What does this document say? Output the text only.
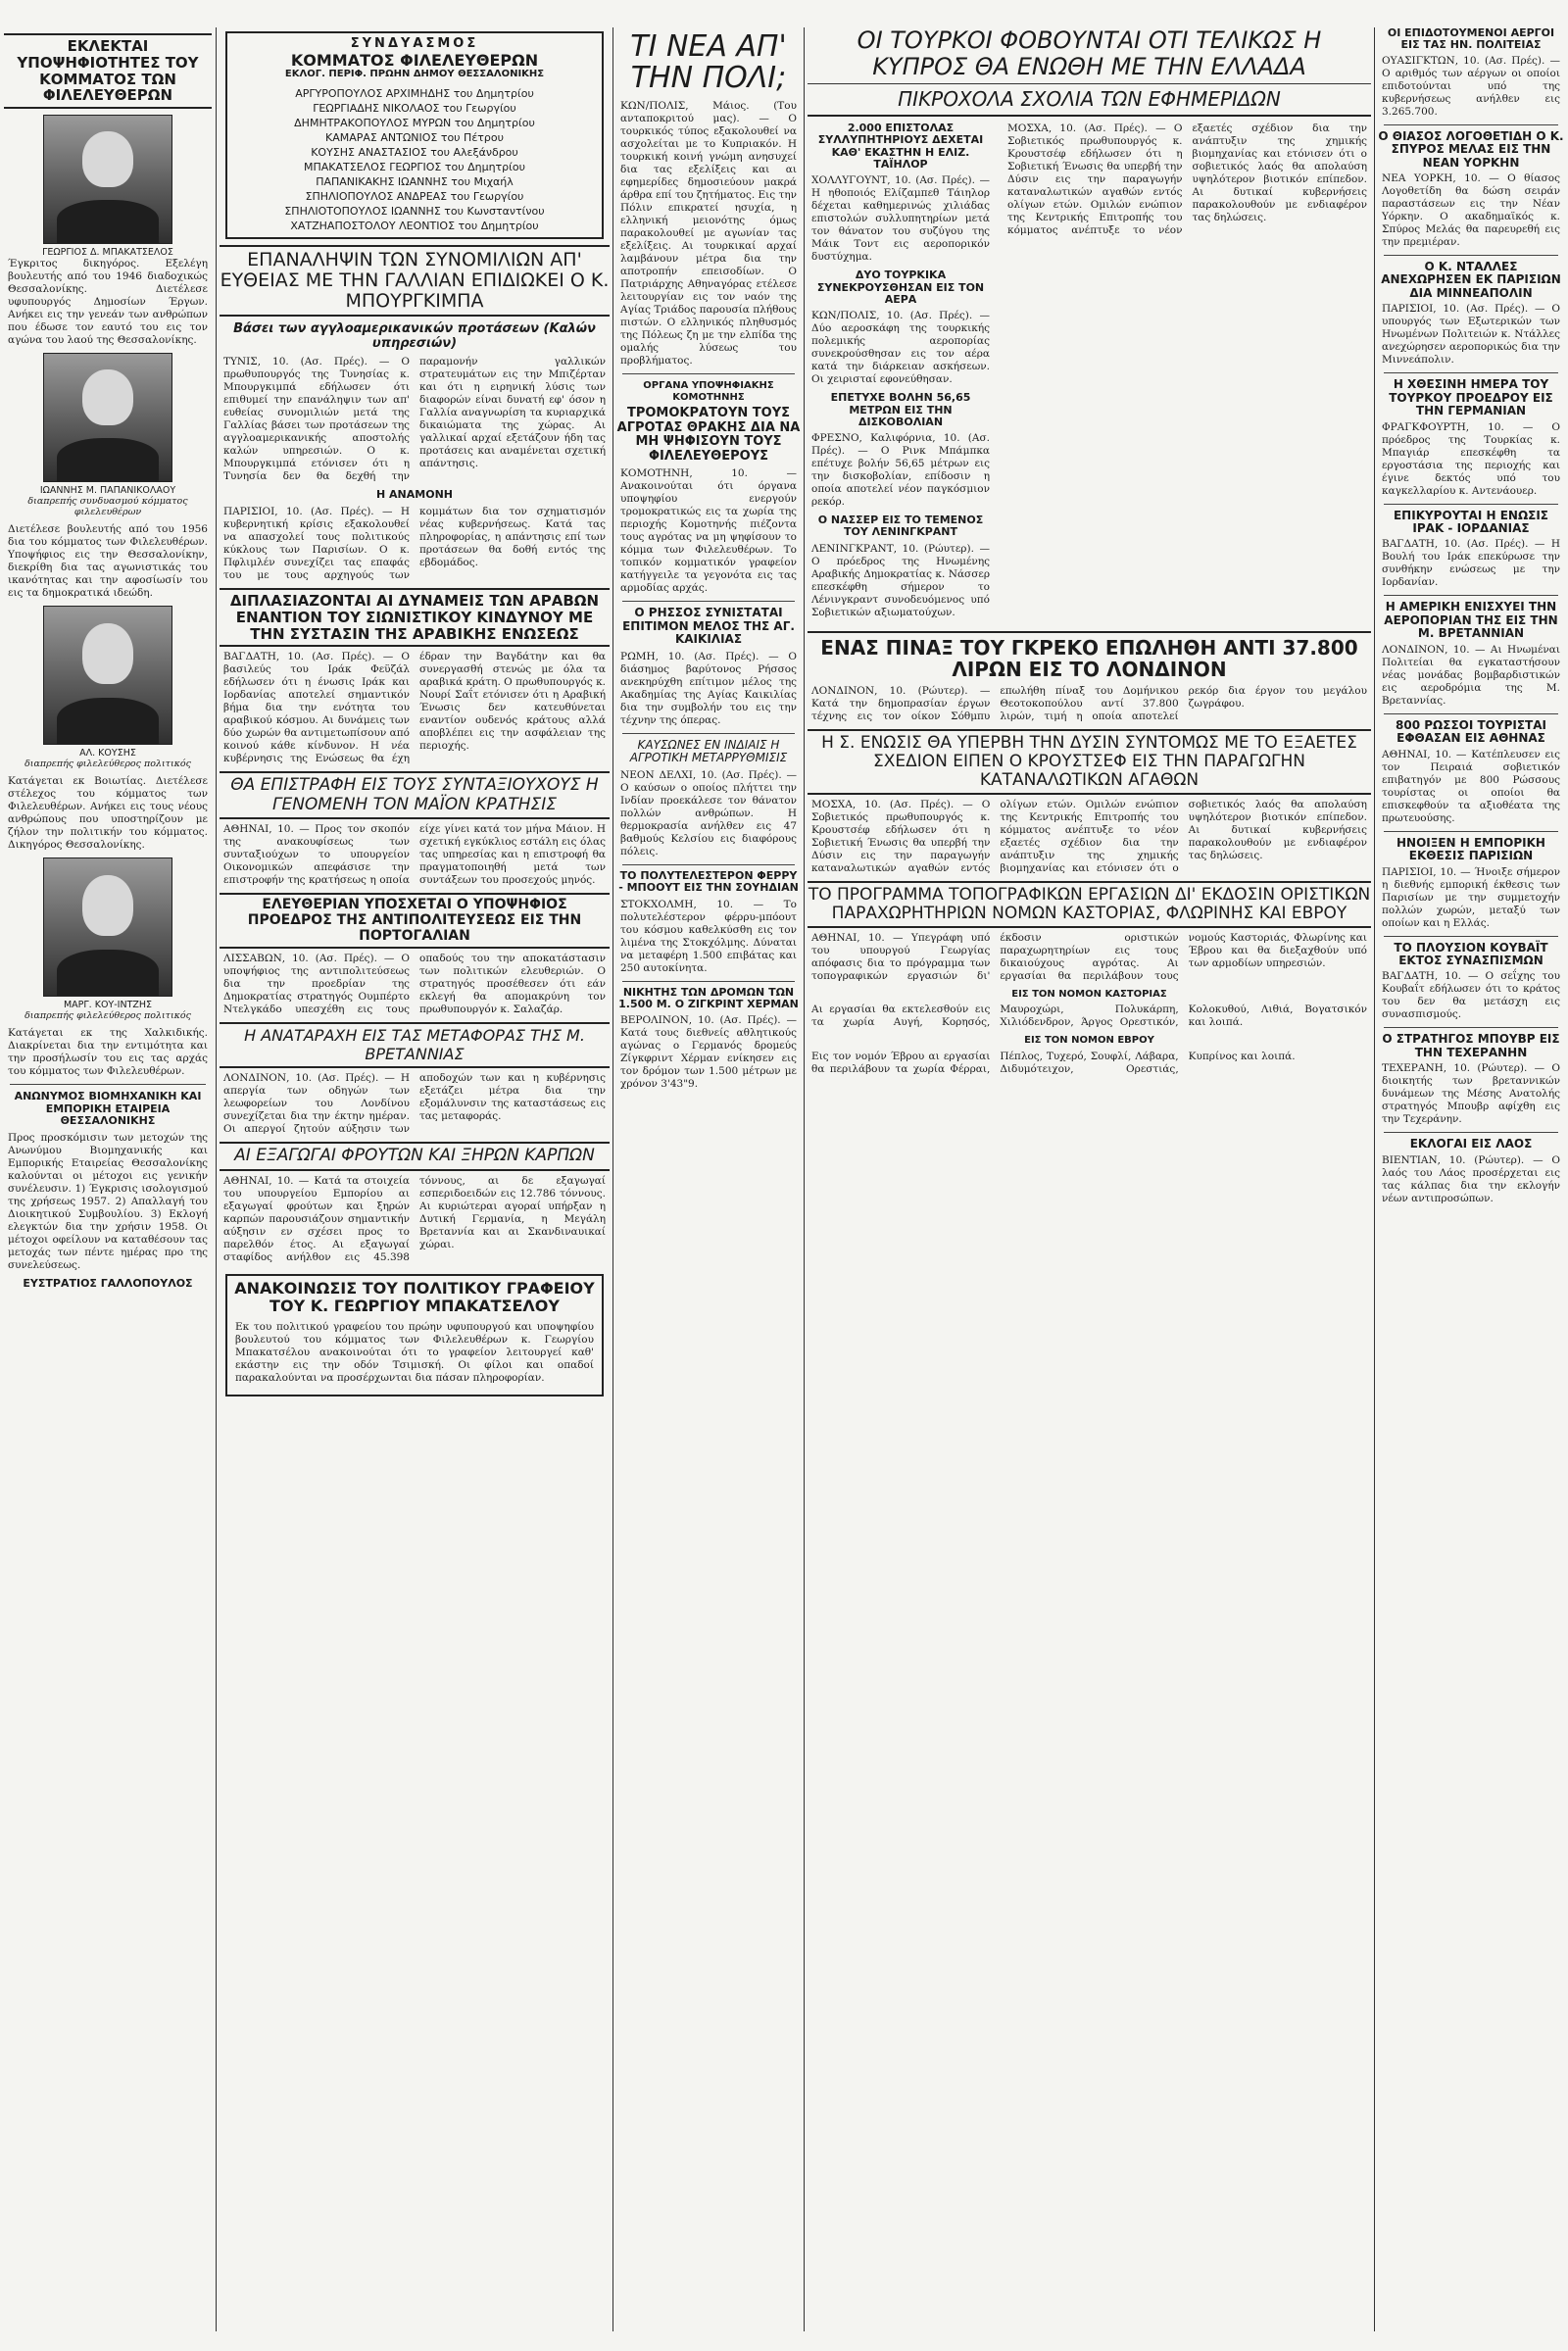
ΕΚΛΕΚΤΑΙ ΥΠΟΨΗΦΙΟΤΗΤΕΣ ΤΟΥ ΚΟΜΜΑΤΟΣ ΤΩΝ ΦΙΛΕΛΕΥΘΕΡΩΝ
ΓΕΩΡΓΙΟΣ Δ. ΜΠΑΚΑΤΣΕΛΟΣ
Έγκριτος δικηγόρος. Εξελέγη βουλευτής από του 1946 διαδοχικώς Θεσσαλονίκης. Διετέλεσε υφυπουργός Δημοσίων Έργων. Ανήκει εις την γενεάν των ανθρώπων που έδωσε τον εαυτό του εις τον αγώνα του λαού της Θεσσαλονίκης.
ΙΩΑΝΝΗΣ Μ. ΠΑΠΑΝΙΚΟΛΑΟΥ
διαπρεπής συνδυασμού κόμματος φιλελευθέρων
Διετέλεσε βουλευτής από του 1956 δια του κόμματος των Φιλελευθέρων. Υποψήφιος εις την Θεσσαλονίκην, διεκρίθη δια τας αγωνιστικάς του ικανότητας και την αφοσίωσίν του εις τα δημοκρατικά ιδεώδη.
ΑΛ. ΚΟΥΣΗΣ
διαπρεπής φιλελεύθερος πολιτικός
Κατάγεται εκ Βοιωτίας. Διετέλεσε στέλεχος του κόμματος των Φιλελευθέρων. Ανήκει εις τους νέους ανθρώπους που υποστηρίζουν με ζήλον την πολιτικήν του κόμματος. Δικηγόρος Θεσσαλονίκης.
ΜΑΡΓ. ΚΟΥ-ΙΝΤΖΗΣ
διαπρεπής φιλελεύθερος πολιτικός
Κατάγεται εκ της Χαλκιδικής. Διακρίνεται δια την εντιμότητα και την προσήλωσίν του εις τας αρχάς του κόμματος των Φιλελευθέρων.
ΑΝΩΝΥΜΟΣ ΒΙΟΜΗΧΑΝΙΚΗ ΚΑΙ ΕΜΠΟΡΙΚΗ ΕΤΑΙΡΕΙΑ ΘΕΣΣΑΛΟΝΙΚΗΣ
Προς προσκόμισιν των μετοχών της Ανωνύμου Βιομηχανικής και Εμπορικής Εταιρείας Θεσσαλονίκης καλούνται οι μέτοχοι εις γενικήν συνέλευσιν. 1) Έγκρισις ισολογισμού της χρήσεως 1957. 2) Απαλλαγή του Διοικητικού Συμβουλίου. 3) Εκλογή ελεγκτών δια την χρήσιν 1958. Οι μέτοχοι οφείλουν να καταθέσουν τας μετοχάς των πέντε ημέρας προ της συνελεύσεως.
ΕΥΣΤΡΑΤΙΟΣ ΓΑΛΛΟΠΟΥΛΟΣ
ΣΥΝΔΥΑΣΜΟΣ
ΚΟΜΜΑΤΟΣ ΦΙΛΕΛΕΥΘΕΡΩΝ
ΕΚΛΟΓ. ΠΕΡΙΦ. ΠΡΩΗΝ ΔΗΜΟΥ ΘΕΣΣΑΛΟΝΙΚΗΣ
ΑΡΓΥΡΟΠΟΥΛΟΣ ΑΡΧΙΜΗΔΗΣ του Δημητρίου
ΓΕΩΡΓΙΑΔΗΣ ΝΙΚΟΛΑΟΣ του Γεωργίου
ΔΗΜΗΤΡΑΚΟΠΟΥΛΟΣ ΜΥΡΩΝ του Δημητρίου
ΚΑΜΑΡΑΣ ΑΝΤΩΝΙΟΣ του Πέτρου
ΚΟΥΣΗΣ ΑΝΑΣΤΑΣΙΟΣ του Αλεξάνδρου
ΜΠΑΚΑΤΣΕΛΟΣ ΓΕΩΡΓΙΟΣ του Δημητρίου
ΠΑΠΑΝΙΚΑΚΗΣ ΙΩΑΝΝΗΣ του Μιχαήλ
ΣΠΗΛΙΟΠΟΥΛΟΣ ΑΝΔΡΕΑΣ του Γεωργίου
ΣΠΗΛΙΟΤΟΠΟΥΛΟΣ ΙΩΑΝΝΗΣ του Κωνσταντίνου
ΧΑΤΖΗΑΠΟΣΤΟΛΟΥ ΛΕΟΝΤΙΟΣ του Δημητρίου
ΕΠΑΝΑΛΗΨΙΝ ΤΩΝ ΣΥΝΟΜΙΛΙΩΝ ΑΠ' ΕΥΘΕΙΑΣ ΜΕ ΤΗΝ ΓΑΛΛΙΑΝ ΕΠΙΔΙΩΚΕΙ Ο Κ. ΜΠΟΥΡΓΚΙΜΠΑ
Βάσει των αγγλοαμερικανικών προτάσεων (Καλών υπηρεσιών)
ΤΥΝΙΣ, 10. (Ασ. Πρές). — Ο πρωθυπουργός της Τυνησίας κ. Μπουργκιμπά εδήλωσεν ότι επιθυμεί την επανάληψιν των απ' ευθείας συνομιλιών μετά της Γαλλίας βάσει των προτάσεων της αγγλοαμερικανικής αποστολής καλών υπηρεσιών. Ο κ. Μπουργκιμπά ετόνισεν ότι η Τυνησία δεν θα δεχθή την παραμονήν γαλλικών στρατευμάτων εις την Μπιζέρταν και ότι η ειρηνική λύσις των διαφορών είναι δυνατή εφ' όσον η Γαλλία αναγνωρίση τα κυριαρχικά δικαιώματα της χώρας. Αι γαλλικαί αρχαί εξετάζουν ήδη τας προτάσεις και αναμένεται σχετική απάντησις.
Η ΑΝΑΜΟΝΗ
ΠΑΡΙΣΙΟΙ, 10. (Ασ. Πρές). — Η κυβερνητική κρίσις εξακολουθεί να απασχολεί τους πολιτικούς κύκλους των Παρισίων. Ο κ. Πφλιμλέν συνεχίζει τας επαφάς του με τους αρχηγούς των κομμάτων δια τον σχηματισμόν νέας κυβερνήσεως. Κατά τας πληροφορίας, η απάντησις επί των προτάσεων θα δοθή εντός της εβδομάδος.
ΔΙΠΛΑΣΙΑΖΟΝΤΑΙ ΑΙ ΔΥΝΑΜΕΙΣ ΤΩΝ ΑΡΑΒΩΝ ΕΝΑΝΤΙΟΝ ΤΟΥ ΣΙΩΝΙΣΤΙΚΟΥ ΚΙΝΔΥΝΟΥ ΜΕ ΤΗΝ ΣΥΣΤΑΣΙΝ ΤΗΣ ΑΡΑΒΙΚΗΣ ΕΝΩΣΕΩΣ
ΒΑΓΔΑΤΗ, 10. (Ασ. Πρές). — Ο βασιλεύς του Ιράκ Φεϋζάλ εδήλωσεν ότι η ένωσις Ιράκ και Ιορδανίας αποτελεί σημαντικόν βήμα δια την ενότητα του αραβικού κόσμου. Αι δυνάμεις των δύο χωρών θα αντιμετωπίσουν από κοινού κάθε κίνδυνον. Η νέα κυβέρνησις της Ενώσεως θα έχη έδραν την Βαγδάτην και θα συνεργασθή στενώς με όλα τα αραβικά κράτη. Ο πρωθυπουργός κ. Νουρί Σαΐτ ετόνισεν ότι η Αραβική Ένωσις δεν κατευθύνεται εναντίον ουδενός κράτους αλλά αποβλέπει εις την ασφάλειαν της περιοχής.
ΘΑ ΕΠΙΣΤΡΑΦΗ ΕΙΣ ΤΟΥΣ ΣΥΝΤΑΞΙΟΥΧΟΥΣ Η ΓΕΝΟΜΕΝΗ ΤΟΝ ΜΑΪΟΝ ΚΡΑΤΗΣΙΣ
ΑΘΗΝΑΙ, 10. — Προς τον σκοπόν της ανακουφίσεως των συνταξιούχων το υπουργείον Οικονομικών απεφάσισε την επιστροφήν της κρατήσεως η οποία είχε γίνει κατά τον μήνα Μάιον. Η σχετική εγκύκλιος εστάλη εις όλας τας υπηρεσίας και η επιστροφή θα πραγματοποιηθή μετά των συντάξεων του προσεχούς μηνός.
ΕΛΕΥΘΕΡΙΑΝ ΥΠΟΣΧΕΤΑΙ Ο ΥΠΟΨΗΦΙΟΣ ΠΡΟΕΔΡΟΣ ΤΗΣ ΑΝΤΙΠΟΛΙΤΕΥΣΕΩΣ ΕΙΣ ΤΗΝ ΠΟΡΤΟΓΑΛΙΑΝ
ΛΙΣΣΑΒΩΝ, 10. (Ασ. Πρές). — Ο υποψήφιος της αντιπολιτεύσεως δια την προεδρίαν της Δημοκρατίας στρατηγός Ουμπέρτο Ντελγκάδο υπεσχέθη εις τους οπαδούς του την αποκατάστασιν των πολιτικών ελευθεριών. Ο στρατηγός προσέθεσεν ότι εάν εκλεγή θα απομακρύνη τον πρωθυπουργόν κ. Σαλαζάρ.
Η ΑΝΑΤΑΡΑΧΗ ΕΙΣ ΤΑΣ ΜΕΤΑΦΟΡΑΣ ΤΗΣ Μ. ΒΡΕΤΑΝΝΙΑΣ
ΛΟΝΔΙΝΟΝ, 10. (Ασ. Πρές). — Η απεργία των οδηγών των λεωφορείων του Λονδίνου συνεχίζεται δια την έκτην ημέραν. Οι απεργοί ζητούν αύξησιν των αποδοχών των και η κυβέρνησις εξετάζει μέτρα δια την εξομάλυνσιν της καταστάσεως εις τας μεταφοράς.
ΑΙ ΕΞΑΓΩΓΑΙ ΦΡΟΥΤΩΝ ΚΑΙ ΞΗΡΩΝ ΚΑΡΠΩΝ
ΑΘΗΝΑΙ, 10. — Κατά τα στοιχεία του υπουργείου Εμπορίου αι εξαγωγαί φρούτων και ξηρών καρπών παρουσιάζουν σημαντικήν αύξησιν εν σχέσει προς το παρελθόν έτος. Αι εξαγωγαί σταφίδος ανήλθον εις 45.398 τόννους, αι δε εξαγωγαί εσπεριδοειδών εις 12.786 τόννους. Αι κυριώτεραι αγοραί υπήρξαν η Δυτική Γερμανία, η Μεγάλη Βρεταννία και αι Σκανδιναυικαί χώραι.
ΑΝΑΚΟΙΝΩΣΙΣ ΤΟΥ ΠΟΛΙΤΙΚΟΥ ΓΡΑΦΕΙΟΥ ΤΟΥ Κ. ΓΕΩΡΓΙΟΥ ΜΠΑΚΑΤΣΕΛΟΥ
Εκ του πολιτικού γραφείου του πρώην υφυπουργού και υποψηφίου βουλευτού του κόμματος των Φιλελευθέρων κ. Γεωργίου Μπακατσέλου ανακοινούται ότι το γραφείον λειτουργεί καθ' εκάστην εις την οδόν Τσιμισκή. Οι φίλοι και οπαδοί παρακαλούνται να προσέρχωνται δια πάσαν πληροφορίαν.
ΤΙ ΝΕΑ ΑΠ' ΤΗΝ ΠΟΛΙ;
ΚΩΝ/ΠΟΛΙΣ, Μάιος. (Του ανταποκριτού μας). — Ο τουρκικός τύπος εξακολουθεί να ασχολείται με το Κυπριακόν. Η τουρκική κοινή γνώμη ανησυχεί δια τας εξελίξεις και αι εφημερίδες δημοσιεύουν μακρά άρθρα επί του ζητήματος. Εις την Πόλιν επικρατεί ησυχία, η ελληνική μειονότης όμως παρακολουθεί με αγωνίαν τας εξελίξεις. Αι τουρκικαί αρχαί λαμβάνουν μέτρα δια την αποτροπήν επεισοδίων. Ο Πατριάρχης Αθηναγόρας ετέλεσε λειτουργίαν εις τον ναόν της Αγίας Τριάδος παρουσία πλήθους πιστών. Ο ελληνικός πληθυσμός της Πόλεως ζη με την ελπίδα της ομαλής λύσεως του προβλήματος.
ΟΡΓΑΝΑ ΥΠΟΨΗΦΙΑΚΗΣ ΚΟΜΟΤΗΝΗΣ
ΤΡΟΜΟΚΡΑΤΟΥΝ ΤΟΥΣ ΑΓΡΟΤΑΣ ΘΡΑΚΗΣ ΔΙΑ ΝΑ ΜΗ ΨΗΦΙΣΟΥΝ ΤΟΥΣ ΦΙΛΕΛΕΥΘΕΡΟΥΣ
ΚΟΜΟΤΗΝΗ, 10. — Ανακοινούται ότι όργανα υποψηφίου ενεργούν τρομοκρατικώς εις τα χωρία της περιοχής Κομοτηνής πιέζοντα τους αγρότας να μη ψηφίσουν το κόμμα των Φιλελευθέρων. Το τοπικόν κομματικόν γραφείον κατήγγειλε τα γεγονότα εις τας αρμοδίας αρχάς.
Ο ΡΗΣΣΟΣ ΣΥΝΙΣΤΑΤΑΙ ΕΠΙΤΙΜΟΝ ΜΕΛΟΣ ΤΗΣ ΑΓ. ΚΑΙΚΙΛΙΑΣ
ΡΩΜΗ, 10. (Ασ. Πρές). — Ο διάσημος βαρύτονος Ρήσσος ανεκηρύχθη επίτιμον μέλος της Ακαδημίας της Αγίας Καικιλίας δια την συμβολήν του εις την τέχνην της όπερας.
ΚΑΥΣΩΝΕΣ ΕΝ ΙΝΔΙΑΙΣ Η ΑΓΡΟΤΙΚΗ ΜΕΤΑΡΡΥΘΜΙΣΙΣ
ΝΕΟΝ ΔΕΛΧΙ, 10. (Ασ. Πρές). — Ο καύσων ο οποίος πλήττει την Ινδίαν προεκάλεσε τον θάνατον πολλών ανθρώπων. Η θερμοκρασία ανήλθεν εις 47 βαθμούς Κελσίου εις διαφόρους πόλεις.
ΤΟ ΠΟΛΥΤΕΛΕΣΤΕΡΟΝ ΦΕΡΡΥ - ΜΠΟΟΥΤ ΕΙΣ ΤΗΝ ΣΟΥΗΔΙΑΝ
ΣΤΟΚΧΟΛΜΗ, 10. — Το πολυτελέστερον φέρρυ-μπόουτ του κόσμου καθελκύσθη εις τον λιμένα της Στοκχόλμης. Δύναται να μεταφέρη 1.500 επιβάτας και 250 αυτοκίνητα.
ΝΙΚΗΤΗΣ ΤΩΝ ΔΡΟΜΩΝ ΤΩΝ 1.500 Μ. Ο ΖΙΓΚΡΙΝΤ ΧΕΡΜΑΝ
ΒΕΡΟΛΙΝΟΝ, 10. (Ασ. Πρές). — Κατά τους διεθνείς αθλητικούς αγώνας ο Γερμανός δρομεύς Ζίγκφριντ Χέρμαν ενίκησεν εις τον δρόμον των 1.500 μέτρων με χρόνον 3'43"9.
ΟΙ ΤΟΥΡΚΟΙ ΦΟΒΟΥΝΤΑΙ ΟΤΙ ΤΕΛΙΚΩΣ Η ΚΥΠΡΟΣ ΘΑ ΕΝΩΘΗ ΜΕ ΤΗΝ ΕΛΛΑΔΑ
ΠΙΚΡΟΧΟΛΑ ΣΧΟΛΙΑ ΤΩΝ ΕΦΗΜΕΡΙΔΩΝ
2.000 ΕΠΙΣΤΟΛΑΣ ΣΥΛΛΥΠΗΤΗΡΙΟΥΣ ΔΕΧΕΤΑΙ ΚΑΘ' ΕΚΑΣΤΗΝ Η ΕΛΙΖ. ΤΑΪΗΛΟΡ
ΧΟΛΛΥΓΟΥΝΤ, 10. (Ασ. Πρές). — Η ηθοποιός Ελίζαμπεθ Τάιηλορ δέχεται καθημερινώς χιλιάδας επιστολών συλλυπητηρίων μετά τον θάνατον του συζύγου της Μάικ Τοντ εις αεροπορικόν δυστύχημα.
ΔΥΟ ΤΟΥΡΚΙΚΑ ΣΥΝΕΚΡΟΥΣΘΗΣΑΝ ΕΙΣ ΤΟΝ ΑΕΡΑ
ΚΩΝ/ΠΟΛΙΣ, 10. (Ασ. Πρές). — Δύο αεροσκάφη της τουρκικής πολεμικής αεροπορίας συνεκρούσθησαν εις τον αέρα κατά την διάρκειαν ασκήσεων. Οι χειρισταί εφονεύθησαν.
ΕΠΕΤΥΧΕ ΒΟΛΗΝ 56,65 ΜΕΤΡΩΝ ΕΙΣ ΤΗΝ ΔΙΣΚΟΒΟΛΙΑΝ
ΦΡΕΣΝΟ, Καλιφόρνια, 10. (Ασ. Πρές). — Ο Ρινκ Μπάμπκα επέτυχε βολήν 56,65 μέτρων εις την δισκοβολίαν, επίδοσιν η οποία αποτελεί νέον παγκόσμιον ρεκόρ.
Ο ΝΑΣΣΕΡ ΕΙΣ ΤΟ ΤΕΜΕΝΟΣ ΤΟΥ ΛΕΝΙΝΓΚΡΑΝΤ
ΛΕΝΙΝΓΚΡΑΝΤ, 10. (Ρώυτερ). — Ο πρόεδρος της Ηνωμένης Αραβικής Δημοκρατίας κ. Νάσσερ επεσκέφθη σήμερον το Λένινγκραντ συνοδευόμενος υπό Σοβιετικών αξιωματούχων.
ΜΟΣΧΑ, 10. (Ασ. Πρές). — Ο Σοβιετικός πρωθυπουργός κ. Κρουστσέφ εδήλωσεν ότι η Σοβιετική Ένωσις θα υπερβή την Δύσιν εις την παραγωγήν καταναλωτικών αγαθών εντός ολίγων ετών. Ομιλών ενώπιον της Κεντρικής Επιτροπής του κόμματος ανέπτυξε το νέον εξαετές σχέδιον δια την ανάπτυξιν της χημικής βιομηχανίας και ετόνισεν ότι ο σοβιετικός λαός θα απολαύση υψηλότερον βιοτικόν επίπεδον. Αι δυτικαί κυβερνήσεις παρακολουθούν με ενδιαφέρον τας δηλώσεις.
ΕΝΑΣ ΠΙΝΑΞ ΤΟΥ ΓΚΡΕΚΟ ΕΠΩΛΗΘΗ ΑΝΤΙ 37.800 ΛΙΡΩΝ ΕΙΣ ΤΟ ΛΟΝΔΙΝΟΝ
ΛΟΝΔΙΝΟΝ, 10. (Ρώυτερ). — Κατά την δημοπρασίαν έργων τέχνης εις τον οίκον Σόθμπυ επωλήθη πίναξ του Δομήνικου Θεοτοκοπούλου αντί 37.800 λιρών, τιμή η οποία αποτελεί ρεκόρ δια έργον του μεγάλου ζωγράφου.
Η Σ. ΕΝΩΣΙΣ ΘΑ ΥΠΕΡΒΗ ΤΗΝ ΔΥΣΙΝ ΣΥΝΤΟΜΩΣ ΜΕ ΤΟ ΕΞΑΕΤΕΣ ΣΧΕΔΙΟΝ ΕΙΠΕΝ Ο ΚΡΟΥΣΤΣΕΦ ΕΙΣ ΤΗΝ ΠΑΡΑΓΩΓΗΝ ΚΑΤΑΝΑΛΩΤΙΚΩΝ ΑΓΑΘΩΝ
ΜΟΣΧΑ, 10. (Ασ. Πρές). — Ο Σοβιετικός πρωθυπουργός κ. Κρουστσέφ εδήλωσεν ότι η Σοβιετική Ένωσις θα υπερβή την Δύσιν εις την παραγωγήν καταναλωτικών αγαθών εντός ολίγων ετών. Ομιλών ενώπιον της Κεντρικής Επιτροπής του κόμματος ανέπτυξε το νέον εξαετές σχέδιον δια την ανάπτυξιν της χημικής βιομηχανίας και ετόνισεν ότι ο σοβιετικός λαός θα απολαύση υψηλότερον βιοτικόν επίπεδον. Αι δυτικαί κυβερνήσεις παρακολουθούν με ενδιαφέρον τας δηλώσεις.
ΤΟ ΠΡΟΓΡΑΜΜΑ ΤΟΠΟΓΡΑΦΙΚΩΝ ΕΡΓΑΣΙΩΝ ΔΙ' ΕΚΔΟΣΙΝ ΟΡΙΣΤΙΚΩΝ ΠΑΡΑΧΩΡΗΤΗΡΙΩΝ ΝΟΜΩΝ ΚΑΣΤΟΡΙΑΣ, ΦΛΩΡΙΝΗΣ ΚΑΙ ΕΒΡΟΥ
ΑΘΗΝΑΙ, 10. — Υπεγράφη υπό του υπουργού Γεωργίας απόφασις δια το πρόγραμμα των τοπογραφικών εργασιών δι' έκδοσιν οριστικών παραχωρητηρίων εις τους δικαιούχους αγρότας. Αι εργασίαι θα περιλάβουν τους νομούς Καστοριάς, Φλωρίνης και Έβρου και θα διεξαχθούν υπό των αρμοδίων υπηρεσιών.
ΕΙΣ ΤΟΝ ΝΟΜΟΝ ΚΑΣΤΟΡΙΑΣ
Αι εργασίαι θα εκτελεσθούν εις τα χωρία Αυγή, Κορησός, Μαυροχώρι, Πολυκάρπη, Χιλιόδενδρον, Άργος Ορεστικόν, Κολοκυθού, Λιθιά, Βογατσικόν και λοιπά.
ΕΙΣ ΤΟΝ ΝΟΜΟΝ ΕΒΡΟΥ
Εις τον νομόν Έβρου αι εργασίαι θα περιλάβουν τα χωρία Φέρραι, Πέπλος, Τυχερό, Σουφλί, Λάβαρα, Διδυμότειχον, Ορεστιάς, Κυπρίνος και λοιπά.
ΟΙ ΕΠΙΔΟΤΟΥΜΕΝΟΙ ΑΕΡΓΟΙ ΕΙΣ ΤΑΣ ΗΝ. ΠΟΛΙΤΕΙΑΣ
ΟΥΑΣΙΓΚΤΩΝ, 10. (Ασ. Πρές). — Ο αριθμός των αέργων οι οποίοι επιδοτούνται υπό της κυβερνήσεως ανήλθεν εις 3.265.700.
Ο ΘΙΑΣΟΣ ΛΟΓΟΘΕΤΙΔΗ Ο Κ. ΣΠΥΡΟΣ ΜΕΛΑΣ ΕΙΣ ΤΗΝ ΝΕΑΝ ΥΟΡΚΗΝ
ΝΕΑ ΥΟΡΚΗ, 10. — Ο θίασος Λογοθετίδη θα δώση σειράν παραστάσεων εις την Νέαν Υόρκην. Ο ακαδημαϊκός κ. Σπύρος Μελάς θα παρευρεθή εις την πρεμιέραν.
Ο Κ. ΝΤΑΛΛΕΣ ΑΝΕΧΩΡΗΣΕΝ ΕΚ ΠΑΡΙΣΙΩΝ ΔΙΑ ΜΙΝΝΕΑΠΟΛΙΝ
ΠΑΡΙΣΙΟΙ, 10. (Ασ. Πρές). — Ο υπουργός των Εξωτερικών των Ηνωμένων Πολιτειών κ. Ντάλλες ανεχώρησεν αεροπορικώς δια την Μιννεάπολιν.
Η ΧΘΕΣΙΝΗ ΗΜΕΡΑ ΤΟΥ ΤΟΥΡΚΟΥ ΠΡΟΕΔΡΟΥ ΕΙΣ ΤΗΝ ΓΕΡΜΑΝΙΑΝ
ΦΡΑΓΚΦΟΥΡΤΗ, 10. — Ο πρόεδρος της Τουρκίας κ. Μπαγιάρ επεσκέφθη τα εργοστάσια της περιοχής και έγινε δεκτός υπό του καγκελλαρίου κ. Αντενάουερ.
ΕΠΙΚΥΡΟΥΤΑΙ Η ΕΝΩΣΙΣ ΙΡΑΚ - ΙΟΡΔΑΝΙΑΣ
ΒΑΓΔΑΤΗ, 10. (Ασ. Πρές). — Η Βουλή του Ιράκ επεκύρωσε την συνθήκην ενώσεως με την Ιορδανίαν.
Η ΑΜΕΡΙΚΗ ΕΝΙΣΧΥΕΙ ΤΗΝ ΑΕΡΟΠΟΡΙΑΝ ΤΗΣ ΕΙΣ ΤΗΝ Μ. ΒΡΕΤΑΝΝΙΑΝ
ΛΟΝΔΙΝΟΝ, 10. — Αι Ηνωμέναι Πολιτείαι θα εγκαταστήσουν νέας μονάδας βομβαρδιστικών εις αεροδρόμια της Μ. Βρεταννίας.
800 ΡΩΣΣΟΙ ΤΟΥΡΙΣΤΑΙ ΕΦΘΑΣΑΝ ΕΙΣ ΑΘΗΝΑΣ
ΑΘΗΝΑΙ, 10. — Κατέπλευσεν εις τον Πειραιά σοβιετικόν επιβατηγόν με 800 Ρώσσους τουρίστας οι οποίοι θα επισκεφθούν τα αξιοθέατα της πρωτευούσης.
ΗΝΟΙΞΕΝ Η ΕΜΠΟΡΙΚΗ ΕΚΘΕΣΙΣ ΠΑΡΙΣΙΩΝ
ΠΑΡΙΣΙΟΙ, 10. — Ήνοιξε σήμερον η διεθνής εμπορική έκθεσις των Παρισίων με την συμμετοχήν πολλών χωρών, μεταξύ των οποίων και η Ελλάς.
ΤΟ ΠΛΟΥΣΙΟΝ ΚΟΥΒΑΪΤ ΕΚΤΟΣ ΣΥΝΑΣΠΙΣΜΩΝ
ΒΑΓΔΑΤΗ, 10. — Ο σεΐχης του Κουβαΐτ εδήλωσεν ότι το κράτος του δεν θα μετάσχη εις συνασπισμούς.
Ο ΣΤΡΑΤΗΓΟΣ ΜΠΟΥΒΡ ΕΙΣ ΤΗΝ ΤΕΧΕΡΑΝΗΝ
ΤΕΧΕΡΑΝΗ, 10. (Ρώυτερ). — Ο διοικητής των βρεταννικών δυνάμεων της Μέσης Ανατολής στρατηγός Μπουβρ αφίχθη εις την Τεχεράνην.
ΕΚΛΟΓΑΙ ΕΙΣ ΛΑΟΣ
ΒΙΕΝΤΙΑΝ, 10. (Ρώυτερ). — Ο λαός του Λάος προσέρχεται εις τας κάλπας δια την εκλογήν νέων αντιπροσώπων.
